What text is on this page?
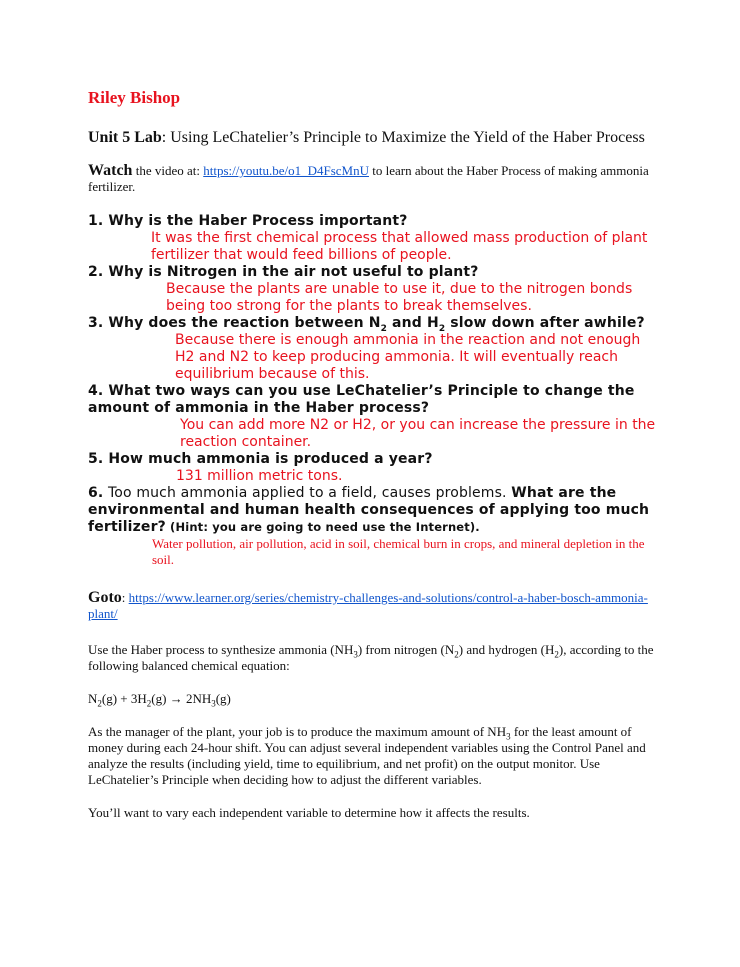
Riley Bishop
Unit 5 Lab: Using LeChatelier’s Principle to Maximize the Yield of the Haber Process
Watch the video at: https://youtu.be/o1_D4FscMnU to learn about the Haber Process of making ammonia fertilizer.
1. Why is the Haber Process important?
It was the first chemical process that allowed mass production of plant fertilizer that would feed billions of people.
2. Why is Nitrogen in the air not useful to plant?
Because the plants are unable to use it, due to the nitrogen bonds being too strong for the plants to break themselves.
3. Why does the reaction between $N_2$ and $H_2$ slow down after awhile?
Because there is enough ammonia in the reaction and not enough H2 and N2 to keep producing ammonia. It will eventually reach equilibrium because of this.
4. What two ways can you use LeChatelier’s Principle to change the amount of ammonia in the Haber process?
You can add more N2 or H2, or you can increase the pressure in the reaction container.
5. How much ammonia is produced a year?
131 million metric tons.
6. Too much ammonia applied to a field, causes problems. What are the environmental and human health consequences of applying too much fertilizer? (Hint: you are going to need use the Internet).
Water pollution, air pollution, acid in soil, chemical burn in crops, and mineral depletion in the soil.
Goto: https://www.learner.org/series/chemistry-challenges-and-solutions/control-a-haber-bosch-ammonia-plant/
Use the Haber process to synthesize ammonia $(NH_3)$ from nitrogen $(N_2)$ and hydrogen $(H_2)$, according to the following balanced chemical equation:
$N_2(g) + 3H_2(g) \to 2NH_3(g)$
As the manager of the plant, your job is to produce the maximum amount of $NH_3$ for the least amount of money during each 24-hour shift. You can adjust several independent variables using the Control Panel and analyze the results (including yield, time to equilibrium, and net profit) on the output monitor. Use LeChatelier’s Principle when deciding how to adjust the different variables.
You’ll want to vary each independent variable to determine how it affects the results.
